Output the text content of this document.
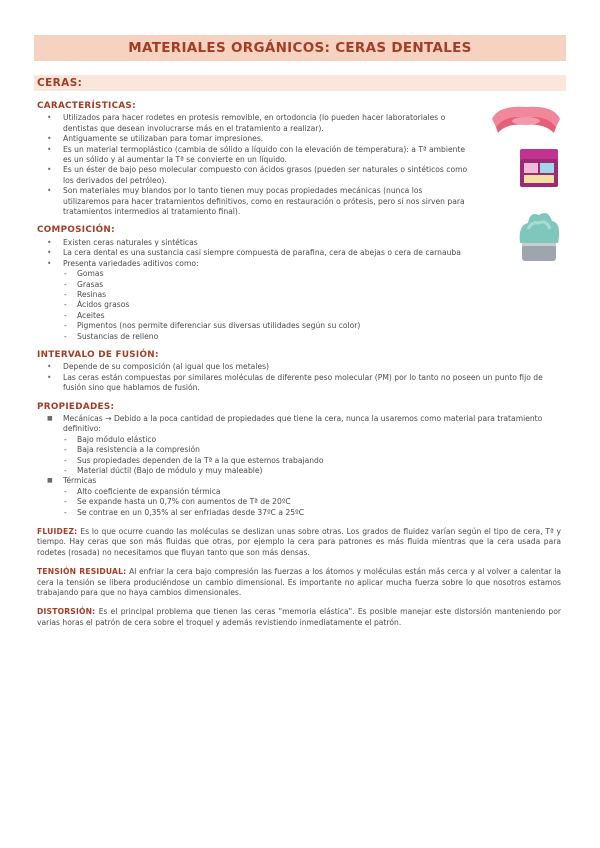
MATERIALES ORGÁNICOS: CERAS DENTALES
CERAS:
CARACTERÍSTICAS:
• Utilizados para hacer rodetes en protesis removible, en ortodoncia (lo pueden hacer laboratoriales o dentistas que desean involucrarse más en el tratamiento a realizar).
• Antiguamente se utilizaban para tomar impresiones.
• Es un material termoplástico (cambia de sólido a líquido con la elevación de temperatura): a Tª ambiente es un sólido y al aumentar la Tª se convierte en un líquido.
• Es un éster de bajo peso molecular compuesto con ácidos grasos (pueden ser naturales o sintéticos como los derivados del petróleo).
• Son materiales muy blandos por lo tanto tienen muy pocas propiedades mecánicas (nunca los utilizaremos para hacer tratamientos definitivos, como en restauración o prótesis, pero sí nos sirven para tratamientos intermedios al tratamiento final).
COMPOSICIÓN:
• Existen ceras naturales y sintéticas
• La cera dental es una sustancia casi siempre compuesta de parafina, cera de abejas o cera de carnauba
• Presenta variedades aditivos como:
- Gomas
- Grasas
- Resinas
- Ácidos grasos
- Aceites
- Pigmentos (nos permite diferenciar sus diversas utilidades según su color)
- Sustancias de relleno
INTERVALO DE FUSIÓN:
• Depende de su composición (al igual que los metales)
• Las ceras están compuestas por similares moléculas de diferente peso molecular (PM) por lo tanto no poseen un punto fijo de fusión sino que hablamos de fusión.
PROPIEDADES:
■ Mecánicas → Debido a la poca cantidad de propiedades que tiene la cera, nunca la usaremos como material para tratamiento definitivo:
- Bajo módulo elástico
- Baja resistencia a la compresión
- Sus propiedades dependen de la Tª a la que estemos trabajando
- Material dúctil (Bajo de módulo y muy maleable)
■ Térmicas
- Alto coeficiente de expansión térmica
- Se expande hasta un 0,7% con aumentos de Tª de 20ºC
- Se contrae en un 0,35% al ser enfriadas desde 37ºC a 25ºC

FLUIDEZ: Es lo que ocurre cuando las moléculas se deslizan unas sobre otras. Los grados de fluidez varían según el tipo de cera, Tª y tiempo. Hay ceras que son más fluidas que otras, por ejemplo la cera para patrones es más fluida mientras que la cera usada para rodetes (rosada) no necesitamos que fluyan tanto que son más densas.

TENSIÓN RESIDUAL: Al enfriar la cera bajo compresión las fuerzas a los átomos y moléculas están más cerca y al volver a calentar la cera la tensión se libera produciéndose un cambio dimensional. Es importante no aplicar mucha fuerza sobre lo que nosotros estamos trabajando para que no haya cambios dimensionales.

DISTORSIÓN: Es el principal problema que tienen las ceras "memoria elástica". Es posible manejar este distorsión manteniendo por varias horas el patrón de cera sobre el troquel y además revistiendo inmediatamente el patrón.
